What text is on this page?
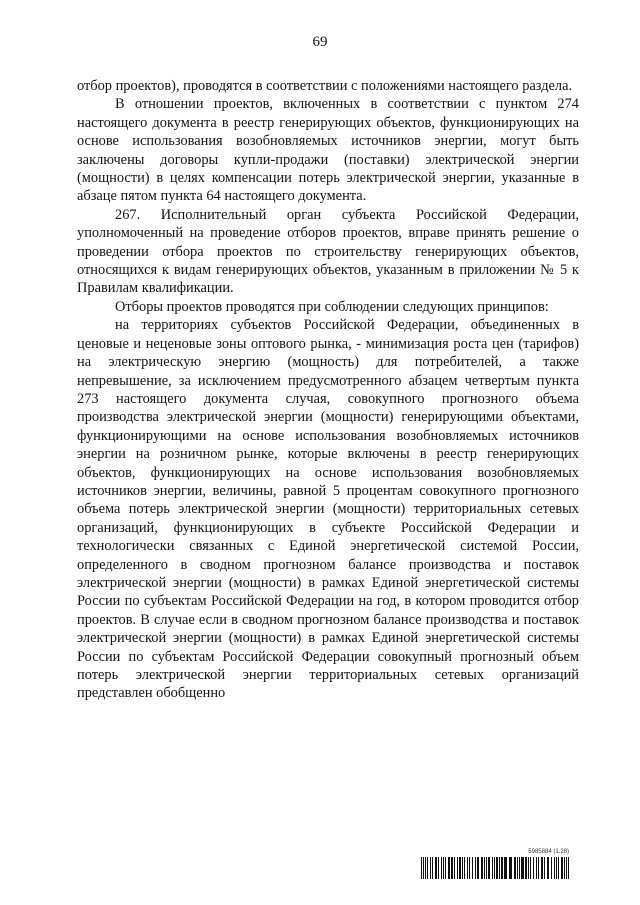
69

отбор проектов), проводятся в соответствии с положениями настоящего раздела.

В отношении проектов, включенных в соответствии с пунктом 274 настоящего документа в реестр генерирующих объектов, функционирующих на основе использования возобновляемых источников энергии, могут быть заключены договоры купли-продажи (поставки) электрической энергии (мощности) в целях компенсации потерь электрической энергии, указанные в абзаце пятом пункта 64 настоящего документа.

267. Исполнительный орган субъекта Российской Федерации, уполномоченный на проведение отборов проектов, вправе принять решение о проведении отбора проектов по строительству генерирующих объектов, относящихся к видам генерирующих объектов, указанным в приложении № 5 к Правилам квалификации.

Отборы проектов проводятся при соблюдении следующих принципов:

на территориях субъектов Российской Федерации, объединенных в ценовые и неценовые зоны оптового рынка, - минимизация роста цен (тарифов) на электрическую энергию (мощность) для потребителей, а также непревышение, за исключением предусмотренного абзацем четвертым пункта 273 настоящего документа случая, совокупного прогнозного объема производства электрической энергии (мощности) генерирующими объектами, функционирующими на основе использования возобновляемых источников энергии на розничном рынке, которые включены в реестр генерирующих объектов, функционирующих на основе использования возобновляемых источников энергии, величины, равной 5 процентам совокупного прогнозного объема потерь электрической энергии (мощности) территориальных сетевых организаций, функционирующих в субъекте Российской Федерации и технологически связанных с Единой энергетической системой России, определенного в сводном прогнозном балансе производства и поставок электрической энергии (мощности) в рамках Единой энергетической системы России по субъектам Российской Федерации на год, в котором проводится отбор проектов. В случае если в сводном прогнозном балансе производства и поставок электрической энергии (мощности) в рамках Единой энергетической системы России по субъектам Российской Федерации совокупный прогнозный объем потерь электрической энергии территориальных сетевых организаций представлен обобщенно

5985884 (1.28)
